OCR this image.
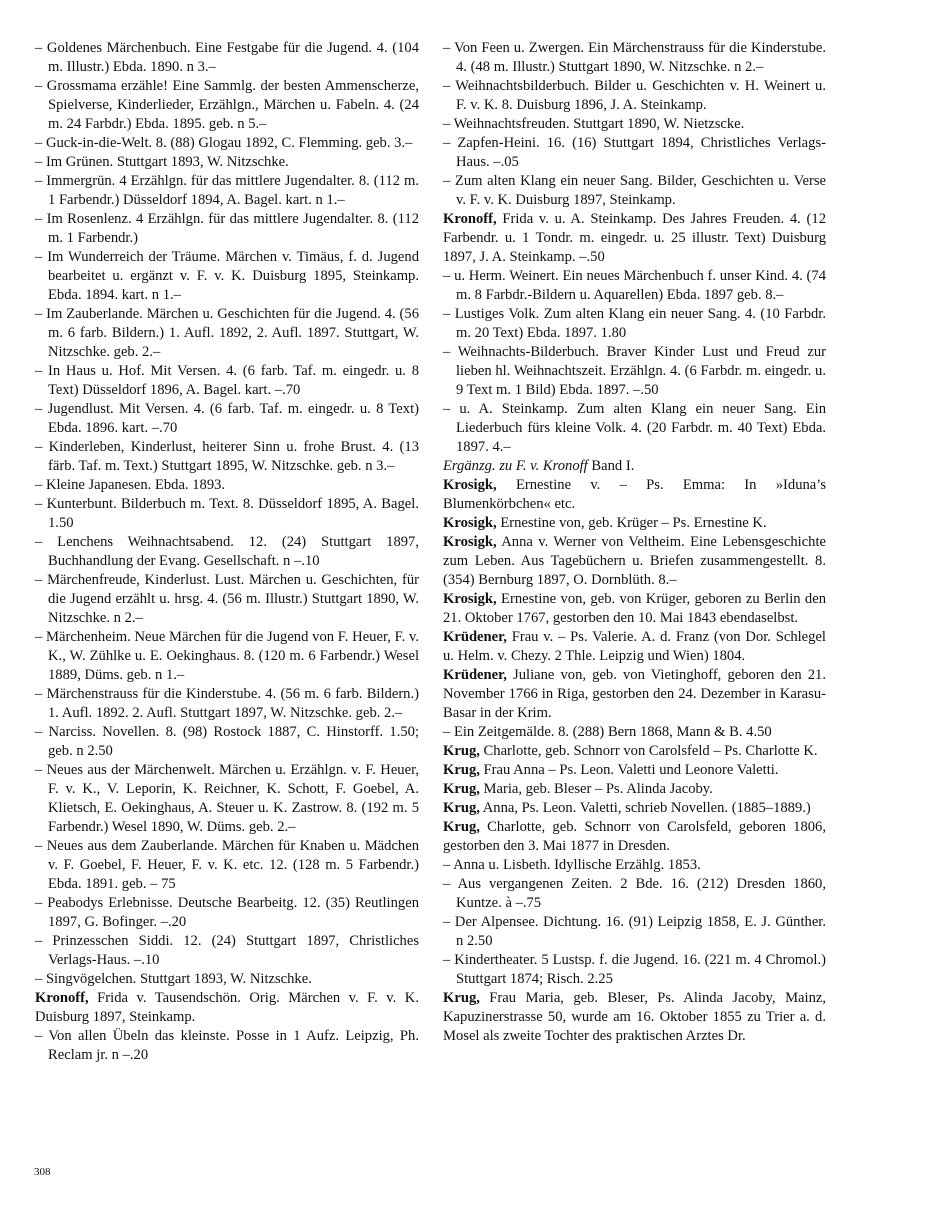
– Goldenes Märchenbuch. Eine Festgabe für die Jugend. 4. (104 m. Illustr.) Ebda. 1890. n 3.–

– Grossmama erzähle! Eine Sammlg. der besten Ammenscherze, Spielverse, Kinderlieder, Erzählgn., Märchen u. Fabeln. 4. (24 m. 24 Farbdr.) Ebda. 1895. geb. n 5.–

– Guck-in-die-Welt. 8. (88) Glogau 1892, C. Flemming. geb. 3.–

– Im Grünen. Stuttgart 1893, W. Nitzschke.

– Immergrün. 4 Erzählgn. für das mittlere Jugendalter. 8. (112 m. 1 Farbendr.) Düsseldorf 1894, A. Bagel. kart. n 1.–

– Im Rosenlenz. 4 Erzählgn. für das mittlere Jugendalter. 8. (112 m. 1 Farbendr.)

– Im Wunderreich der Träume. Märchen v. Timäus, f. d. Jugend bearbeitet u. ergänzt v. F. v. K. Duisburg 1895, Steinkamp. Ebda. 1894. kart. n 1.–

– Im Zauberlande. Märchen u. Geschichten für die Jugend. 4. (56 m. 6 farb. Bildern.) 1. Aufl. 1892, 2. Aufl. 1897. Stuttgart, W. Nitzschke. geb. 2.–

– In Haus u. Hof. Mit Versen. 4. (6 farb. Taf. m. eingedr. u. 8 Text) Düsseldorf 1896, A. Bagel. kart. –.70

– Jugendlust. Mit Versen. 4. (6 farb. Taf. m. eingedr. u. 8 Text) Ebda. 1896. kart. –.70

– Kinderleben, Kinderlust, heiterer Sinn u. frohe Brust. 4. (13 färb. Taf. m. Text.) Stuttgart 1895, W. Nitzschke. geb. n 3.–

– Kleine Japanesen. Ebda. 1893.

– Kunterbunt. Bilderbuch m. Text. 8. Düsseldorf 1895, A. Bagel. 1.50

– Lenchens Weihnachtsabend. 12. (24) Stuttgart 1897, Buchhandlung der Evang. Gesellschaft. n –.10

– Märchenfreude, Kinderlust. Lust. Märchen u. Geschichten, für die Jugend erzählt u. hrsg. 4. (56 m. Illustr.) Stuttgart 1890, W. Nitzschke. n 2.–

– Märchenheim. Neue Märchen für die Jugend von F. Heuer, F. v. K., W. Zühlke u. E. Oekinghaus. 8. (120 m. 6 Farbendr.) Wesel 1889, Düms. geb. n 1.–

– Märchenstrauss für die Kinderstube. 4. (56 m. 6 farb. Bildern.) 1. Aufl. 1892. 2. Aufl. Stuttgart 1897, W. Nitzschke. geb. 2.–

– Narciss. Novellen. 8. (98) Rostock 1887, C. Hinstorff. 1.50; geb. n 2.50

– Neues aus der Märchenwelt. Märchen u. Erzählgn. v. F. Heuer, F. v. K., V. Leporin, K. Reichner, K. Schott, F. Goebel, A. Klietsch, E. Oekinghaus, A. Steuer u. K. Zastrow. 8. (192 m. 5 Farbendr.) Wesel 1890, W. Düms. geb. 2.–

– Neues aus dem Zauberlande. Märchen für Knaben u. Mädchen v. F. Goebel, F. Heuer, F. v. K. etc. 12. (128 m. 5 Farbendr.) Ebda. 1891. geb. – 75

– Peabodys Erlebnisse. Deutsche Bearbeitg. 12. (35) Reutlingen 1897, G. Bofinger. –.20

– Prinzesschen Siddi. 12. (24) Stuttgart 1897, Christliches Verlags-Haus. –.10

– Singvögelchen. Stuttgart 1893, W. Nitzschke.

Kronoff, Frida v. Tausendschön. Orig. Märchen v. F. v. K. Duisburg 1897, Steinkamp.

– Von allen Übeln das kleinste. Posse in 1 Aufz. Leipzig, Ph. Reclam jr. n –.20

– Von Feen u. Zwergen. Ein Märchenstrauss für die Kinderstube. 4. (48 m. Illustr.) Stuttgart 1890, W. Nitzschke. n 2.–

– Weihnachtsbilderbuch. Bilder u. Geschichten v. H. Weinert u. F. v. K. 8. Duisburg 1896, J. A. Steinkamp.

– Weihnachtsfreuden. Stuttgart 1890, W. Nietzscke.

– Zapfen-Heini. 16. (16) Stuttgart 1894, Christliches Verlags-Haus. –.05

– Zum alten Klang ein neuer Sang. Bilder, Geschichten u. Verse v. F. v. K. Duisburg 1897, Steinkamp.

Kronoff, Frida v. u. A. Steinkamp. Des Jahres Freuden. 4. (12 Farbendr. u. 1 Tondr. m. eingedr. u. 25 illustr. Text) Duisburg 1897, J. A. Steinkamp. –.50

– u. Herm. Weinert. Ein neues Märchenbuch f. unser Kind. 4. (74 m. 8 Farbdr.-Bildern u. Aquarellen) Ebda. 1897 geb. 8.–

– Lustiges Volk. Zum alten Klang ein neuer Sang. 4. (10 Farbdr. m. 20 Text) Ebda. 1897. 1.80

– Weihnachts-Bilderbuch. Braver Kinder Lust und Freud zur lieben hl. Weihnachtszeit. Erzählgn. 4. (6 Farbdr. m. eingedr. u. 9 Text m. 1 Bild) Ebda. 1897. –.50

– u. A. Steinkamp. Zum alten Klang ein neuer Sang. Ein Liederbuch fürs kleine Volk. 4. (20 Farbdr. m. 40 Text) Ebda. 1897. 4.–

Ergänzg. zu F. v. Kronoff Band I.

Krosigk, Ernestine v. – Ps. Emma: In »Iduna’s Blumenkörbchen« etc.

Krosigk, Ernestine von, geb. Krüger – Ps. Ernestine K.

Krosigk, Anna v. Werner von Veltheim. Eine Lebensgeschichte zum Leben. Aus Tagebüchern u. Briefen zusammengestellt. 8. (354) Bernburg 1897, O. Dornblüth. 8.–

Krosigk, Ernestine von, geb. von Krüger, geboren zu Berlin den 21. Oktober 1767, gestorben den 10. Mai 1843 ebendaselbst.

Krüdener, Frau v. – Ps. Valerie. A. d. Franz (von Dor. Schlegel u. Helm. v. Chezy. 2 Thle. Leipzig und Wien) 1804.

Krüdener, Juliane von, geb. von Vietinghoff, geboren den 21. November 1766 in Riga, gestorben den 24. Dezember in Karasu-Basar in der Krim.

– Ein Zeitgemälde. 8. (288) Bern 1868, Mann & B. 4.50

Krug, Charlotte, geb. Schnorr von Carolsfeld – Ps. Charlotte K.

Krug, Frau Anna – Ps. Leon. Valetti und Leonore Valetti.

Krug, Maria, geb. Bleser – Ps. Alinda Jacoby.

Krug, Anna, Ps. Leon. Valetti, schrieb Novellen. (1885–1889.)

Krug, Charlotte, geb. Schnorr von Carolsfeld, geboren 1806, gestorben den 3. Mai 1877 in Dresden.

– Anna u. Lisbeth. Idyllische Erzählg. 1853.

– Aus vergangenen Zeiten. 2 Bde. 16. (212) Dresden 1860, Kuntze. à –.75

– Der Alpensee. Dichtung. 16. (91) Leipzig 1858, E. J. Günther. n 2.50

– Kindertheater. 5 Lustsp. f. die Jugend. 16. (221 m. 4 Chromol.) Stuttgart 1874; Risch. 2.25

Krug, Frau Maria, geb. Bleser, Ps. Alinda Jacoby, Mainz, Kapuzinerstrasse 50, wurde am 16. Oktober 1855 zu Trier a. d. Mosel als zweite Tochter des praktischen Arztes Dr.

308
